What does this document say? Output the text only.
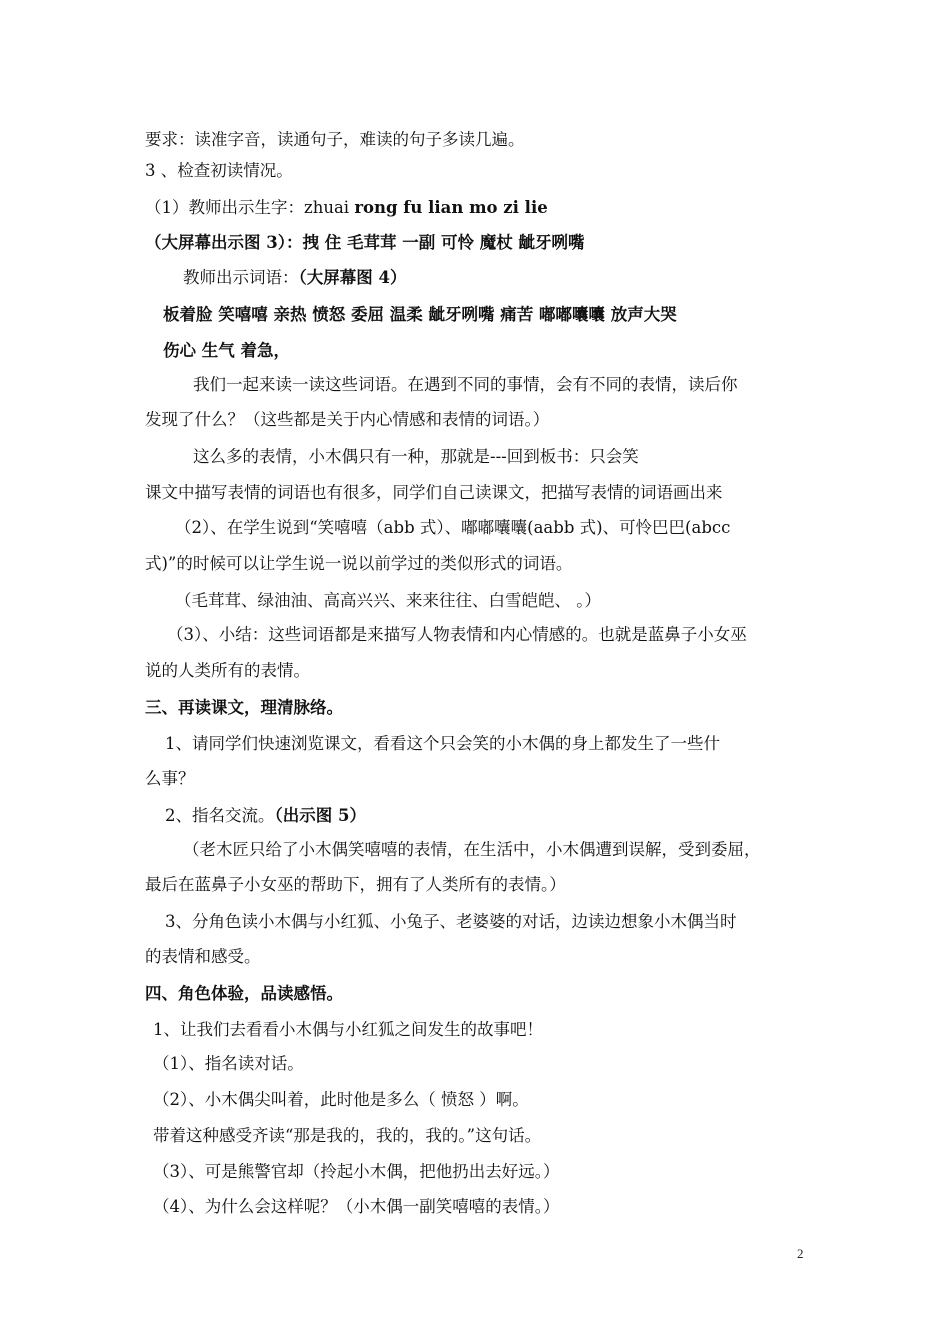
要求：读准字音，读通句子，难读的句子多读几遍。
3 、检查初读情况。
（1）教师出示生字：zhuai rong fu lian mo zi lie
（大屏幕出示图 3）：拽 住 毛茸茸 一副 可怜 魔杖 龇牙咧嘴
教师出示词语：（大屏幕图 4）
板着脸 笑嘻嘻 亲热 愤怒 委屈 温柔 龇牙咧嘴 痛苦 嘟嘟囔囔 放声大哭
伤心 生气 着急，
我们一起来读一读这些词语。在遇到不同的事情，会有不同的表情，读后你
发现了什么？（这些都是关于内心情感和表情的词语。）
这么多的表情，小木偶只有一种，那就是---回到板书：只会笑
课文中描写表情的词语也有很多，同学们自己读课文，把描写表情的词语画出来
（2）、在学生说到“笑嘻嘻（abb 式）、嘟嘟囔囔(aabb 式)、可怜巴巴(abcc
式)”的时候可以让学生说一说以前学过的类似形式的词语。
（毛茸茸、绿油油、高高兴兴、来来往往、白雪皑皑、 。）
（3）、小结：这些词语都是来描写人物表情和内心情感的。也就是蓝鼻子小女巫
说的人类所有的表情。
三、再读课文，理清脉络。
1、请同学们快速浏览课文，看看这个只会笑的小木偶的身上都发生了一些什
么事？
2、指名交流。（出示图 5）
（老木匠只给了小木偶笑嘻嘻的表情，在生活中，小木偶遭到误解，受到委屈，
最后在蓝鼻子小女巫的帮助下，拥有了人类所有的表情。）
3、分角色读小木偶与小红狐、小兔子、老婆婆的对话，边读边想象小木偶当时
的表情和感受。
四、角色体验，品读感悟。
1、让我们去看看小木偶与小红狐之间发生的故事吧！
（1）、指名读对话。
（2）、小木偶尖叫着，此时他是多么（ 愤怒 ）啊。
带着这种感受齐读“那是我的，我的，我的。”这句话。
（3）、可是熊警官却（拎起小木偶，把他扔出去好远。）
（4）、为什么会这样呢？（小木偶一副笑嘻嘻的表情。）
2
